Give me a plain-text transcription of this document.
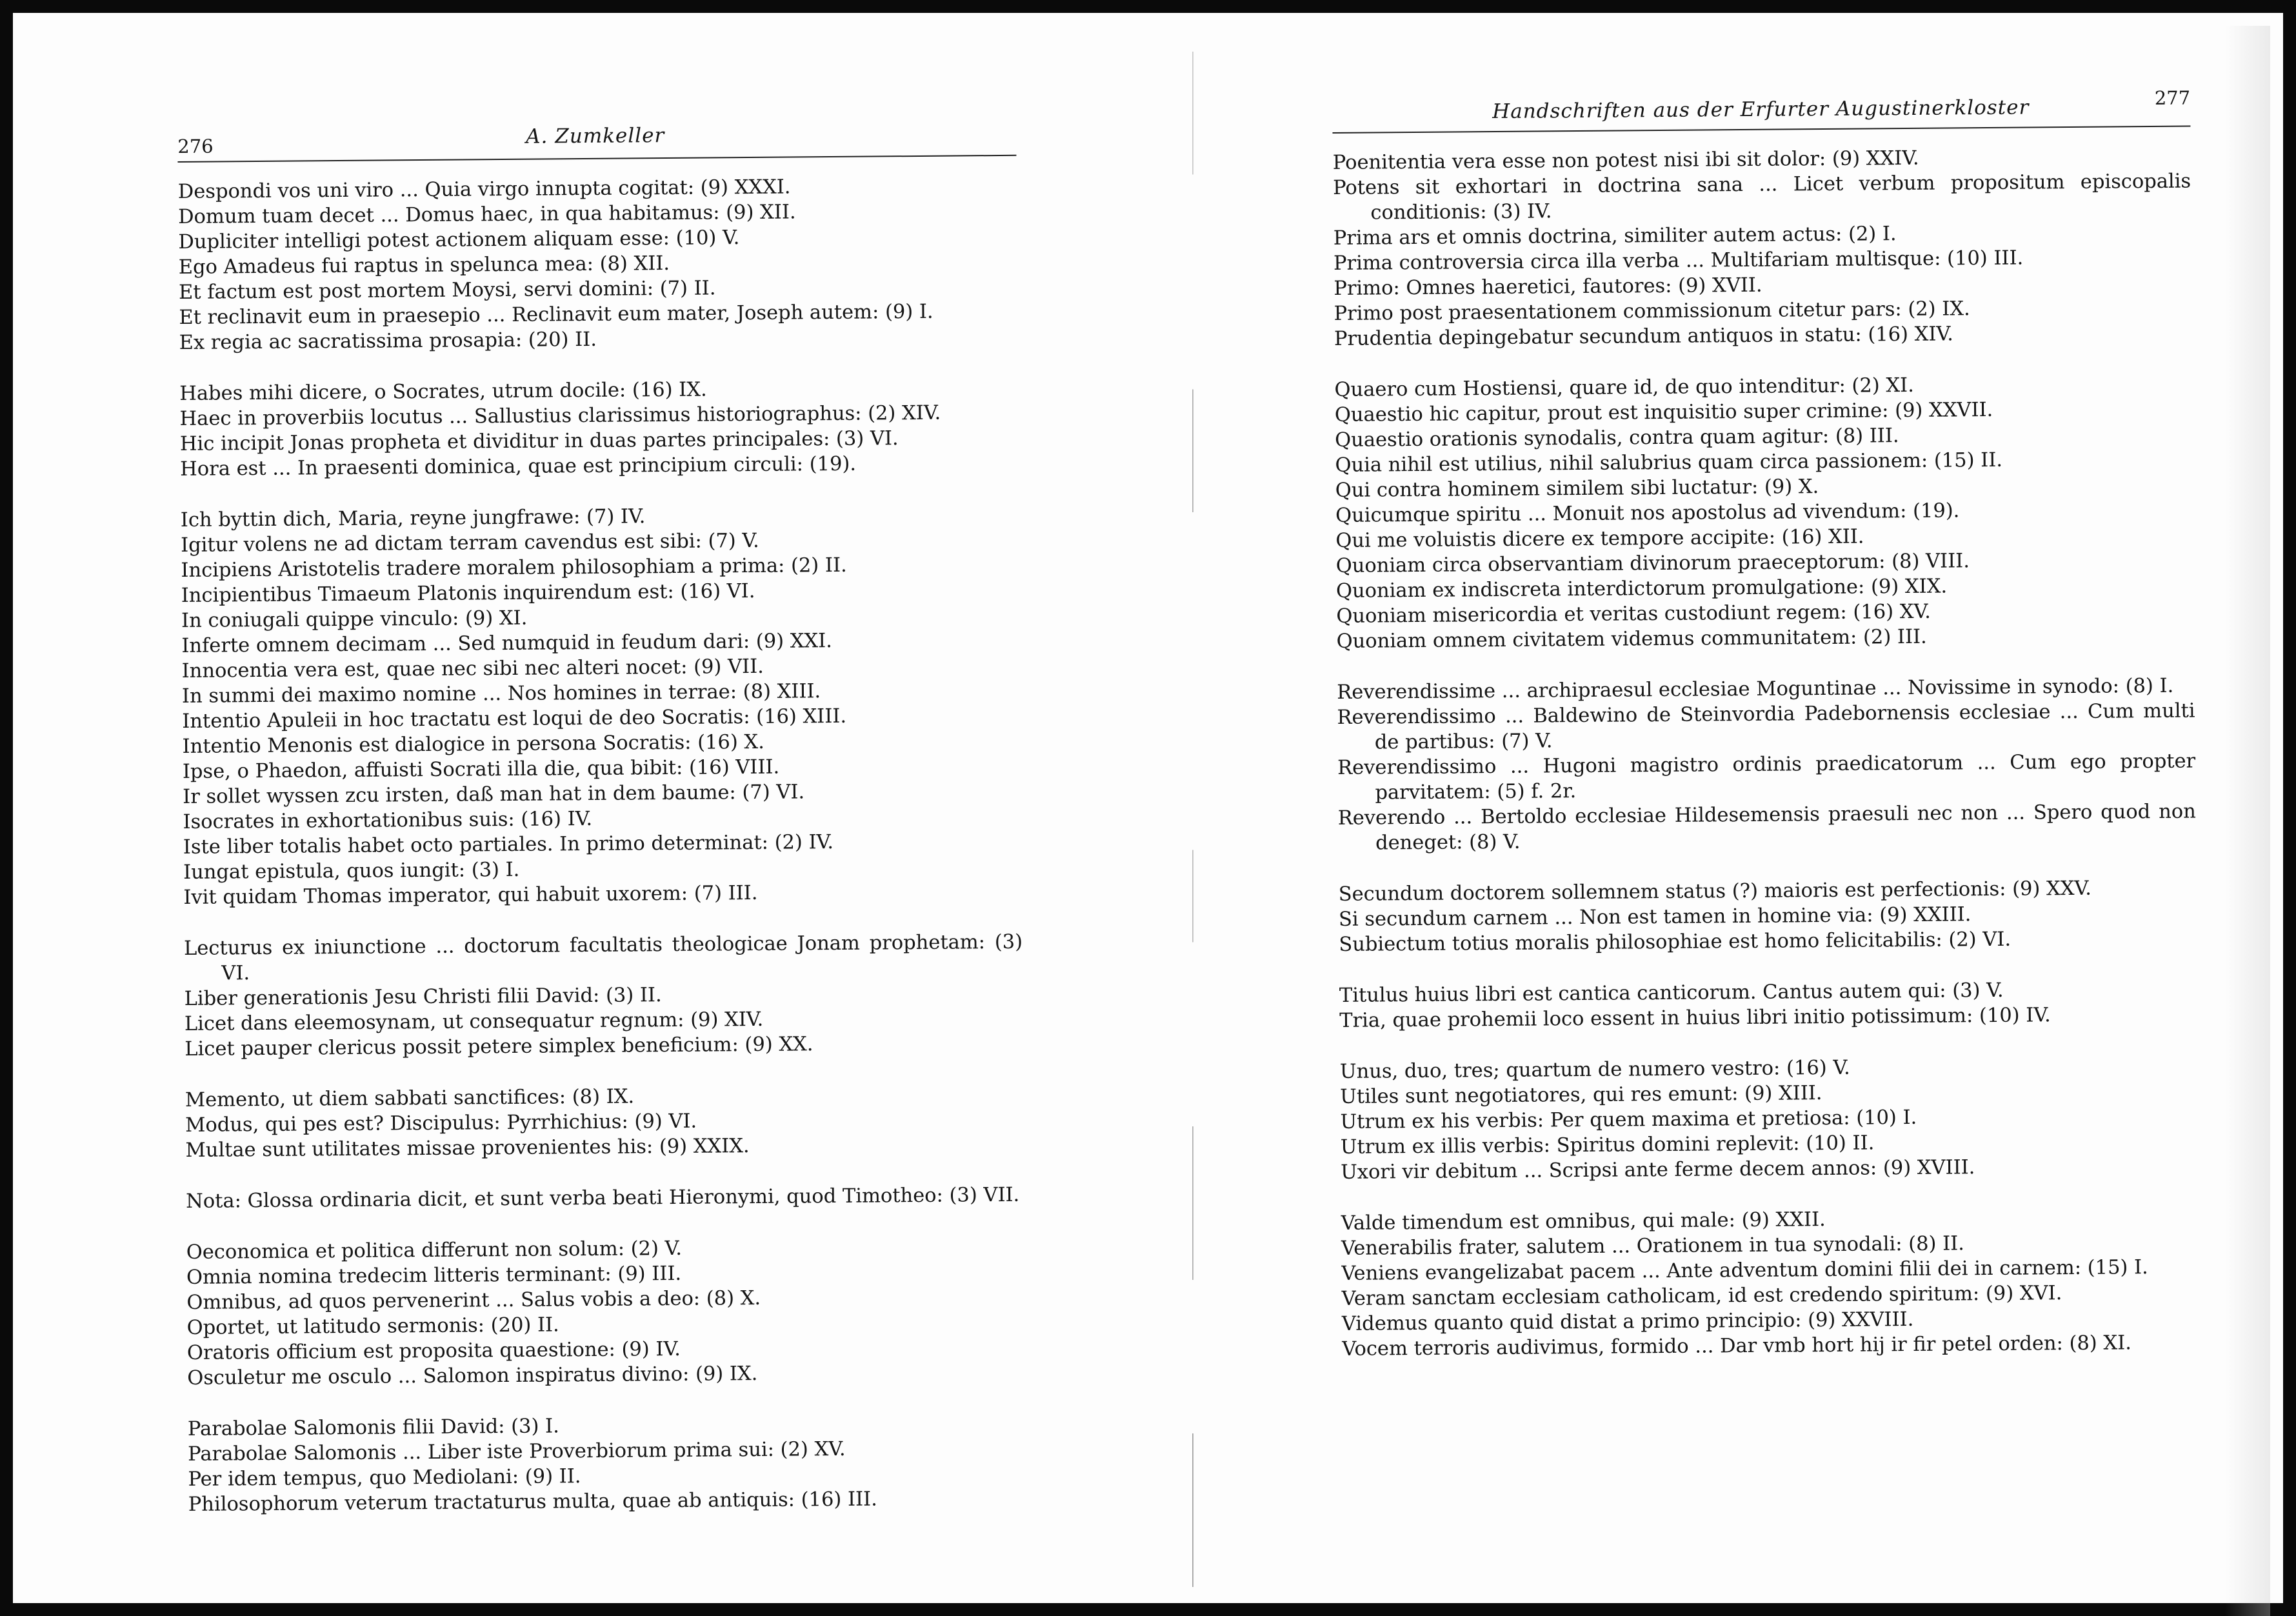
276	A. Zumkeller
Despondi vos uni viro ... Quia virgo innupta cogitat: (9) XXXI.
Domum tuam decet ... Domus haec, in qua habitamus: (9) XII.
Dupliciter intelligi potest actionem aliquam esse: (10) V.
Ego Amadeus fui raptus in spelunca mea: (8) XII.
Et factum est post mortem Moysi, servi domini: (7) II.
Et reclinavit eum in praesepio ... Reclinavit eum mater, Joseph autem: (9) I.
Ex regia ac sacratissima prosapia: (20) II.
Habes mihi dicere, o Socrates, utrum docile: (16) IX.
Haec in proverbiis locutus ... Sallustius clarissimus historiographus: (2) XIV.
Hic incipit Jonas propheta et dividitur in duas partes principales: (3) VI.
Hora est ... In praesenti dominica, quae est principium circuli: (19).
Ich byttin dich, Maria, reyne jungfrawe: (7) IV.
Igitur volens ne ad dictam terram cavendus est sibi: (7) V.
Incipiens Aristotelis tradere moralem philosophiam a prima: (2) II.
Incipientibus Timaeum Platonis inquirendum est: (16) VI.
In coniugali quippe vinculo: (9) XI.
Inferte omnem decimam ... Sed numquid in feudum dari: (9) XXI.
Innocentia vera est, quae nec sibi nec alteri nocet: (9) VII.
In summi dei maximo nomine ... Nos homines in terrae: (8) XIII.
Intentio Apuleii in hoc tractatu est loqui de deo Socratis: (16) XIII.
Intentio Menonis est dialogice in persona Socratis: (16) X.
Ipse, o Phaedon, affuisti Socrati illa die, qua bibit: (16) VIII.
Ir sollet wyssen zcu irsten, daß man hat in dem baume: (7) VI.
Isocrates in exhortationibus suis: (16) IV.
Iste liber totalis habet octo partiales. In primo determinat: (2) IV.
Iungat epistula, quos iungit: (3) I.
Ivit quidam Thomas imperator, qui habuit uxorem: (7) III.
Lecturus ex iniunctione ... doctorum facultatis theologicae Jonam prophetam: (3) VI.
Liber generationis Jesu Christi filii David: (3) II.
Licet dans eleemosynam, ut consequatur regnum: (9) XIV.
Licet pauper clericus possit petere simplex beneficium: (9) XX.
Memento, ut diem sabbati sanctifices: (8) IX.
Modus, qui pes est? Discipulus: Pyrrhichius: (9) VI.
Multae sunt utilitates missae provenientes his: (9) XXIX.
Nota: Glossa ordinaria dicit, et sunt verba beati Hieronymi, quod Timotheo: (3) VII.
Oeconomica et politica differunt non solum: (2) V.
Omnia nomina tredecim litteris terminant: (9) III.
Omnibus, ad quos pervenerint ... Salus vobis a deo: (8) X.
Oportet, ut latitudo sermonis: (20) II.
Oratoris officium est proposita quaestione: (9) IV.
Osculetur me osculo ... Salomon inspiratus divino: (9) IX.
Parabolae Salomonis filii David: (3) I.
Parabolae Salomonis ... Liber iste Proverbiorum prima sui: (2) XV.
Per idem tempus, quo Mediolani: (9) II.
Philosophorum veterum tractaturus multa, quae ab antiquis: (16) III.
Handschriften aus der Erfurter Augustinerkloster	277
Poenitentia vera esse non potest nisi ibi sit dolor: (9) XXIV.
Potens sit exhortari in doctrina sana ... Licet verbum propositum episcopalis conditionis: (3) IV.
Prima ars et omnis doctrina, similiter autem actus: (2) I.
Prima controversia circa illa verba ... Multifariam multisque: (10) III.
Primo: Omnes haeretici, fautores: (9) XVII.
Primo post praesentationem commissionum citetur pars: (2) IX.
Prudentia depingebatur secundum antiquos in statu: (16) XIV.
Quaero cum Hostiensi, quare id, de quo intenditur: (2) XI.
Quaestio hic capitur, prout est inquisitio super crimine: (9) XXVII.
Quaestio orationis synodalis, contra quam agitur: (8) III.
Quia nihil est utilius, nihil salubrius quam circa passionem: (15) II.
Qui contra hominem similem sibi luctatur: (9) X.
Quicumque spiritu ... Monuit nos apostolus ad vivendum: (19).
Qui me voluistis dicere ex tempore accipite: (16) XII.
Quoniam circa observantiam divinorum praeceptorum: (8) VIII.
Quoniam ex indiscreta interdictorum promulgatione: (9) XIX.
Quoniam misericordia et veritas custodiunt regem: (16) XV.
Quoniam omnem civitatem videmus communitatem: (2) III.
Reverendissime ... archipraesul ecclesiae Moguntinae ... Novissime in synodo: (8) I.
Reverendissimo ... Baldewino de Steinvordia Padebornensis ecclesiae ... Cum multi de partibus: (7) V.
Reverendissimo ... Hugoni magistro ordinis praedicatorum ... Cum ego propter parvitatem: (5) f. 2r.
Reverendo ... Bertoldo ecclesiae Hildesemensis praesuli nec non ... Spero quod non deneget: (8) V.
Secundum doctorem sollemnem status (?) maioris est perfectionis: (9) XXV.
Si secundum carnem ... Non est tamen in homine via: (9) XXIII.
Subiectum totius moralis philosophiae est homo felicitabilis: (2) VI.
Titulus huius libri est cantica canticorum. Cantus autem qui: (3) V.
Tria, quae prohemii loco essent in huius libri initio potissimum: (10) IV.
Unus, duo, tres; quartum de numero vestro: (16) V.
Utiles sunt negotiatores, qui res emunt: (9) XIII.
Utrum ex his verbis: Per quem maxima et pretiosa: (10) I.
Utrum ex illis verbis: Spiritus domini replevit: (10) II.
Uxori vir debitum ... Scripsi ante ferme decem annos: (9) XVIII.
Valde timendum est omnibus, qui male: (9) XXII.
Venerabilis frater, salutem ... Orationem in tua synodali: (8) II.
Veniens evangelizabat pacem ... Ante adventum domini filii dei in carnem: (15) I.
Veram sanctam ecclesiam catholicam, id est credendo spiritum: (9) XVI.
Videmus quanto quid distat a primo principio: (9) XXVIII.
Vocem terroris audivimus, formido ... Dar vmb hort hij ir fir petel orden: (8) XI.
